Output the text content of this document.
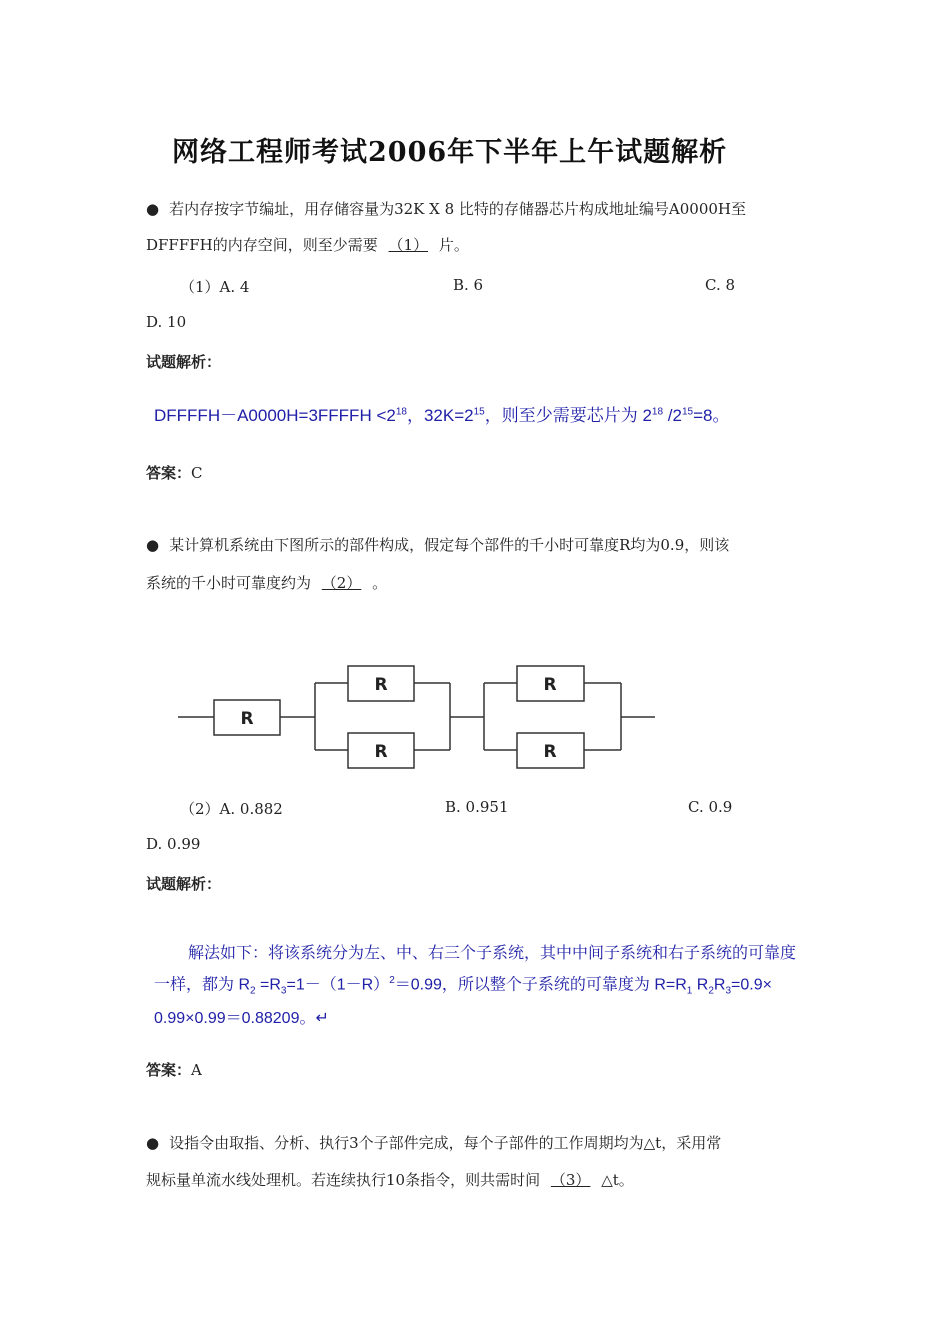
网络工程师考试2006年下半年上午试题解析
● 若内存按字节编址，用存储容量为32K X 8 比特的存储器芯片构成地址编号A0000H至
DFFFFH的内存空间，则至少需要 （1） 片。
（1）A. 4	B. 6	C. 8
D. 10
试题解析：
DFFFFH－A0000H=3FFFFH $<2^{18}$，$32K=2^{15}$，则至少需要芯片为 $2^{18}$ $/2^{15}=8$。
答案：C
● 某计算机系统由下图所示的部件构成，假定每个部件的千小时可靠度R均为0.9，则该
系统的千小时可靠度约为 （2） 。
R
R
R
R
R
（2）A. 0.882	B. 0.951	C. 0.9
D. 0.99
试题解析：
解法如下：将该系统分为左、中、右三个子系统，其中中间子系统和右子系统的可靠度
一样，都为 $R_2 =R_3=1-(1-R)^2=0.99$，所以整个子系统的可靠度为 $R=R_1$ $R_2R_3=0.9\times$
0.99×0.99＝0.88209。↵
答案：A
● 设指令由取指、分析、执行3个子部件完成，每个子部件的工作周期均为△t，采用常
规标量单流水线处理机。若连续执行10条指令，则共需时间 （3） △t。
